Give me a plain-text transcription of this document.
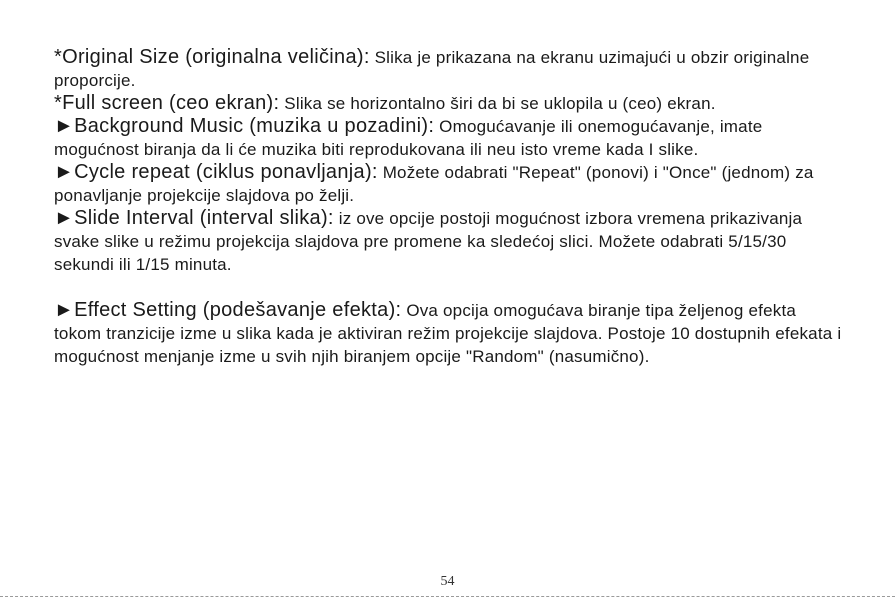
*Original Size (originalna veličina): Slika je prikazana na ekranu uzimajući u obzir originalne proporcije.

*Full screen (ceo ekran): Slika se horizontalno širi da bi se uklopila u (ceo) ekran.

►Background Music (muzika u pozadini): Omogućavanje ili onemogućavanje, imate mogućnost biranja da li će muzika biti reprodukovana ili neu isto vreme kada I slike.

►Cycle repeat (ciklus ponavljanja): Možete odabrati "Repeat" (ponovi) i "Once" (jednom) za ponavljanje projekcije slajdova po želji.

►Slide Interval (interval slika): iz ove opcije postoji mogućnost izbora vremena prikazivanja svake slike u režimu projekcija slajdova pre promene ka sledećoj slici. Možete odabrati 5/15/30 sekundi ili 1/15 minuta.

►Effect Setting (podešavanje efekta): Ova opcija omogućava biranje tipa željenog efekta tokom tranzicije izme u slika kada je aktiviran režim projekcije slajdova. Postoje 10 dostupnih efekata i mogućnost menjanje izme u svih njih biranjem opcije "Random" (nasumično).

54
